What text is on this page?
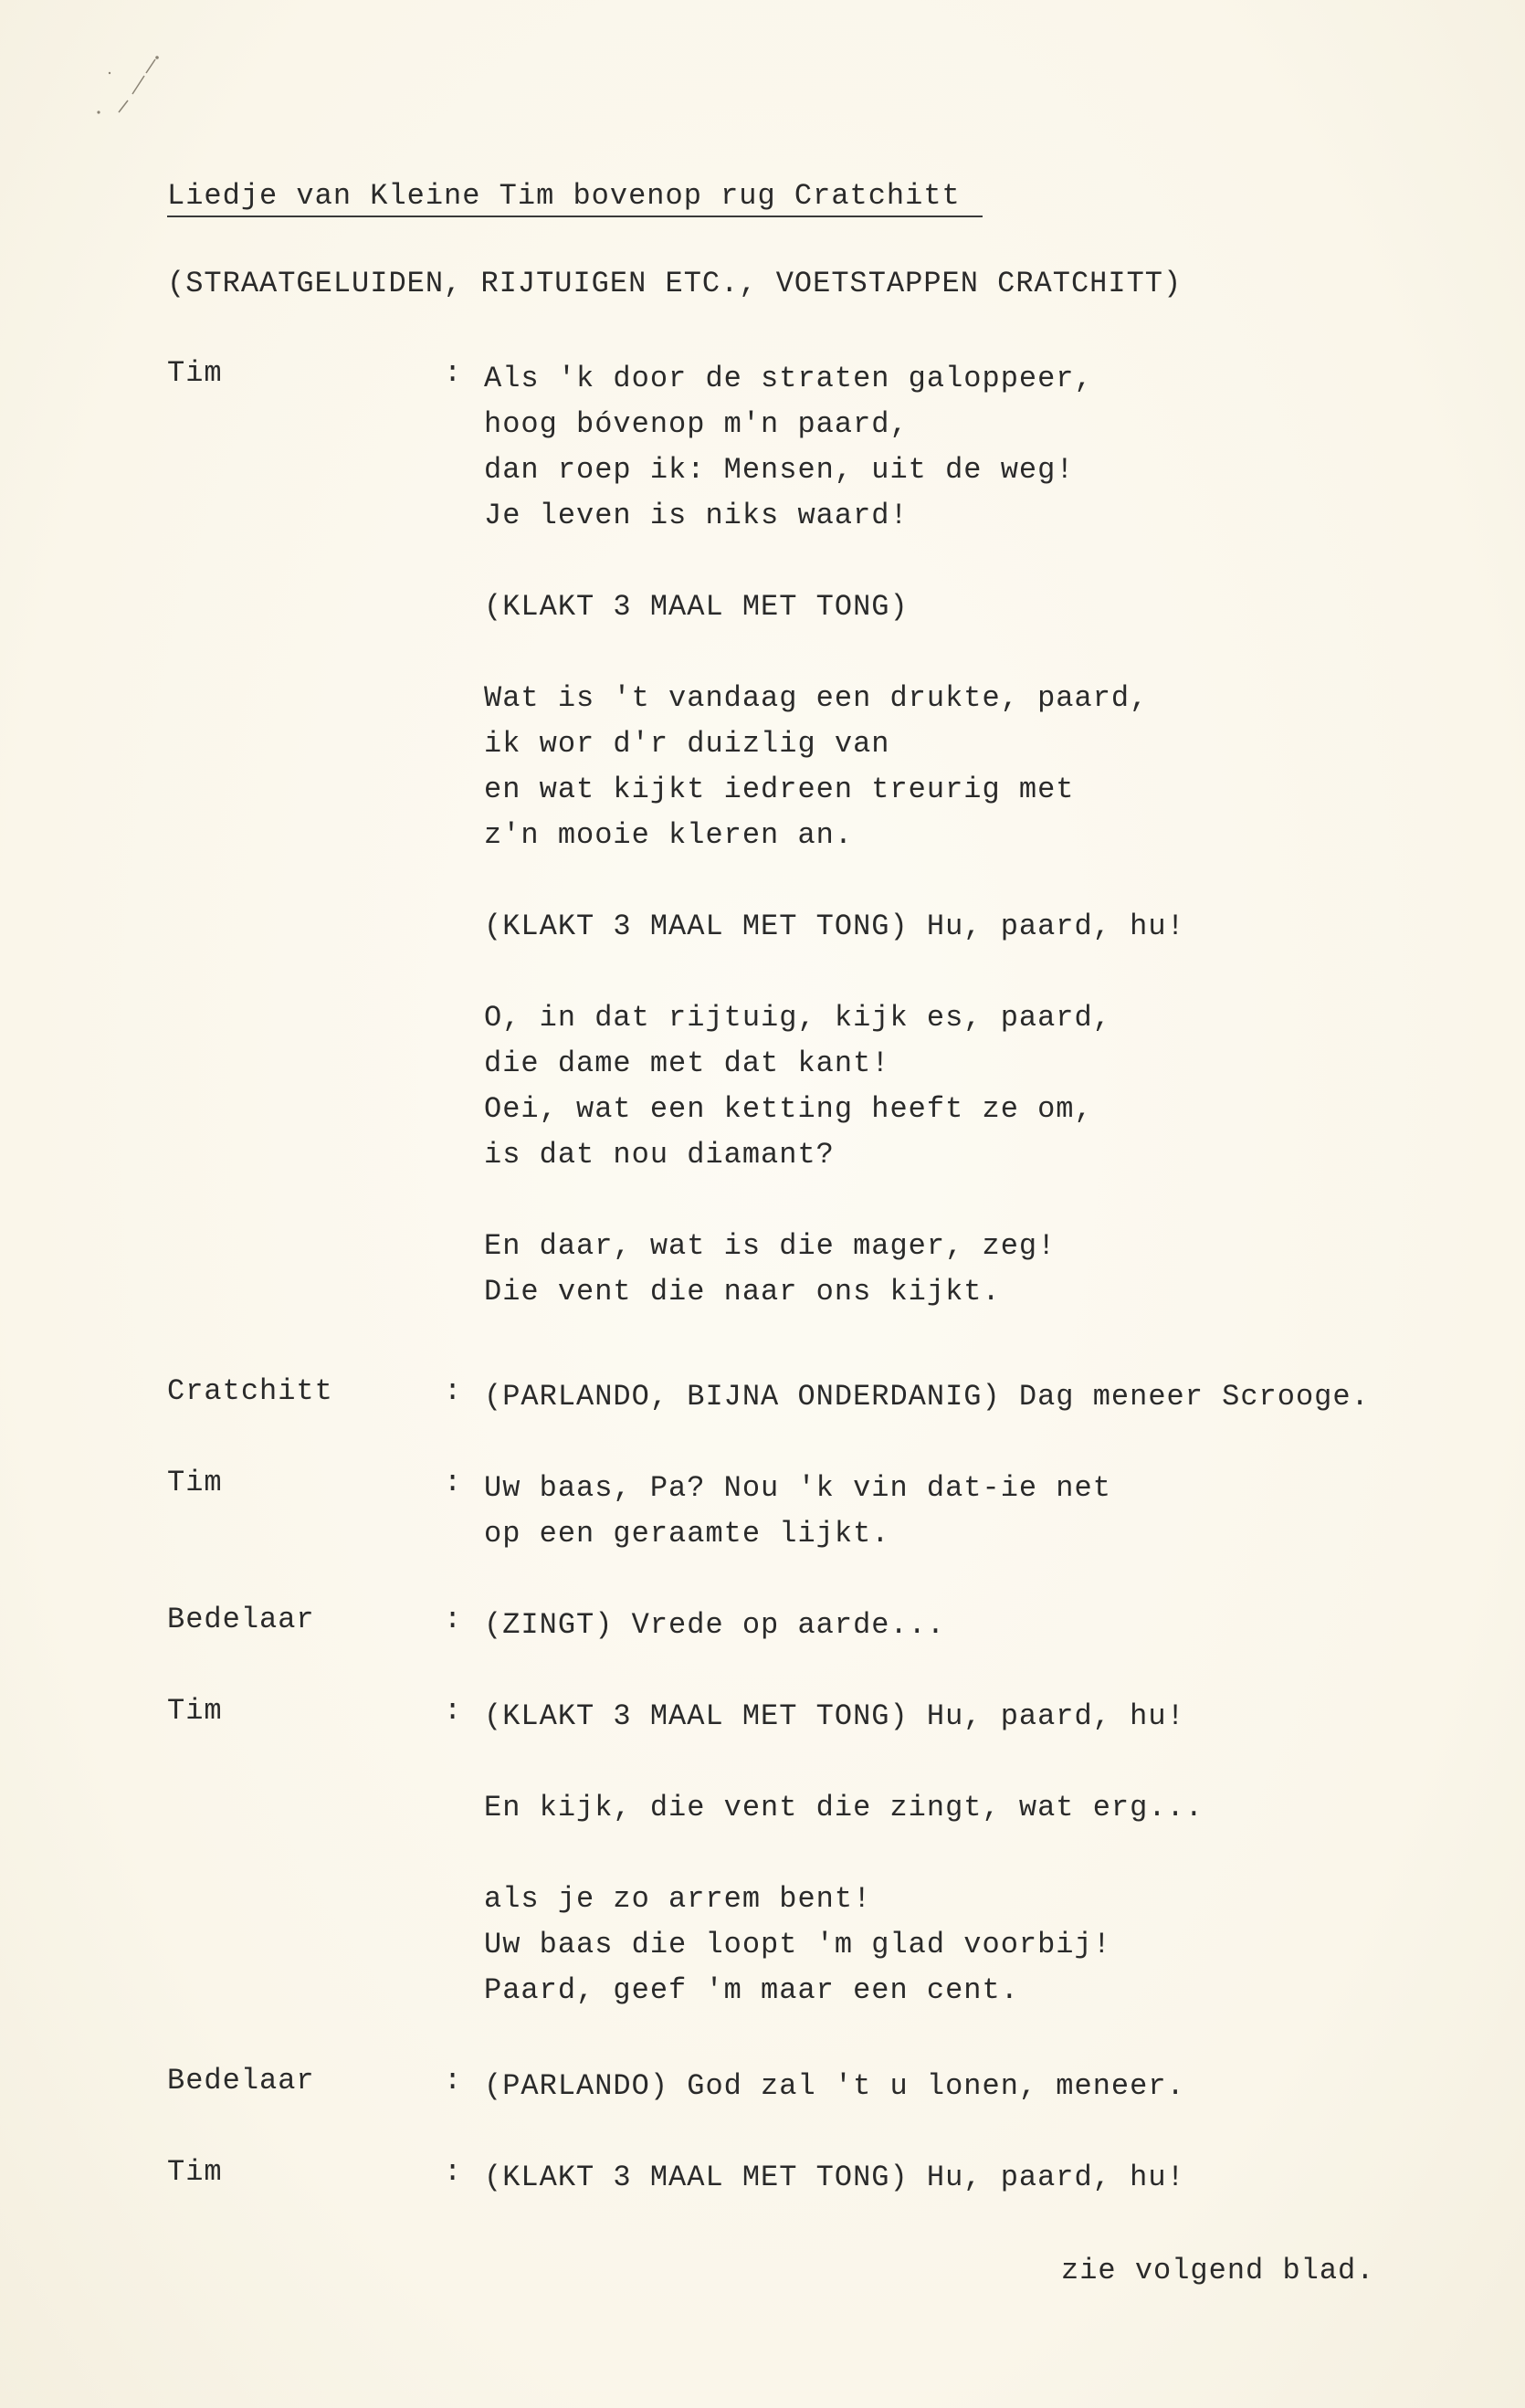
Liedje van Kleine Tim bovenop rug Cratchitt

(STRAATGELUIDEN, RIJTUIGEN ETC., VOETSTAPPEN CRATCHITT)

Tim	: Als 'k door de straten galoppeer,
hoog bóvenop m'n paard,
dan roep ik: Mensen, uit de weg!
Je leven is niks waard!
(KLAKT 3 MAAL MET TONG)
Wat is 't vandaag een drukte, paard,
ik wor d'r duizlig van
en wat kijkt iedreen treurig met
z'n mooie kleren an.
(KLAKT 3 MAAL MET TONG) Hu, paard, hu!
O, in dat rijtuig, kijk es, paard,
die dame met dat kant!
Oei, wat een ketting heeft ze om,
is dat nou diamant?
En daar, wat is die mager, zeg!
Die vent die naar ons kijkt.
Cratchitt	: (PARLANDO, BIJNA ONDERDANIG) Dag meneer Scrooge.
Tim	: Uw baas, Pa? Nou 'k vin dat-ie net
op een geraamte lijkt.
Bedelaar	: (ZINGT) Vrede op aarde...
Tim	: (KLAKT 3 MAAL MET TONG) Hu, paard, hu!
En kijk, die vent die zingt, wat erg...
als je zo arrem bent!
Uw baas die loopt 'm glad voorbij!
Paard, geef 'm maar een cent.
Bedelaar	: (PARLANDO) God zal 't u lonen, meneer.
Tim	: (KLAKT 3 MAAL MET TONG) Hu, paard, hu!
zie volgend blad.
